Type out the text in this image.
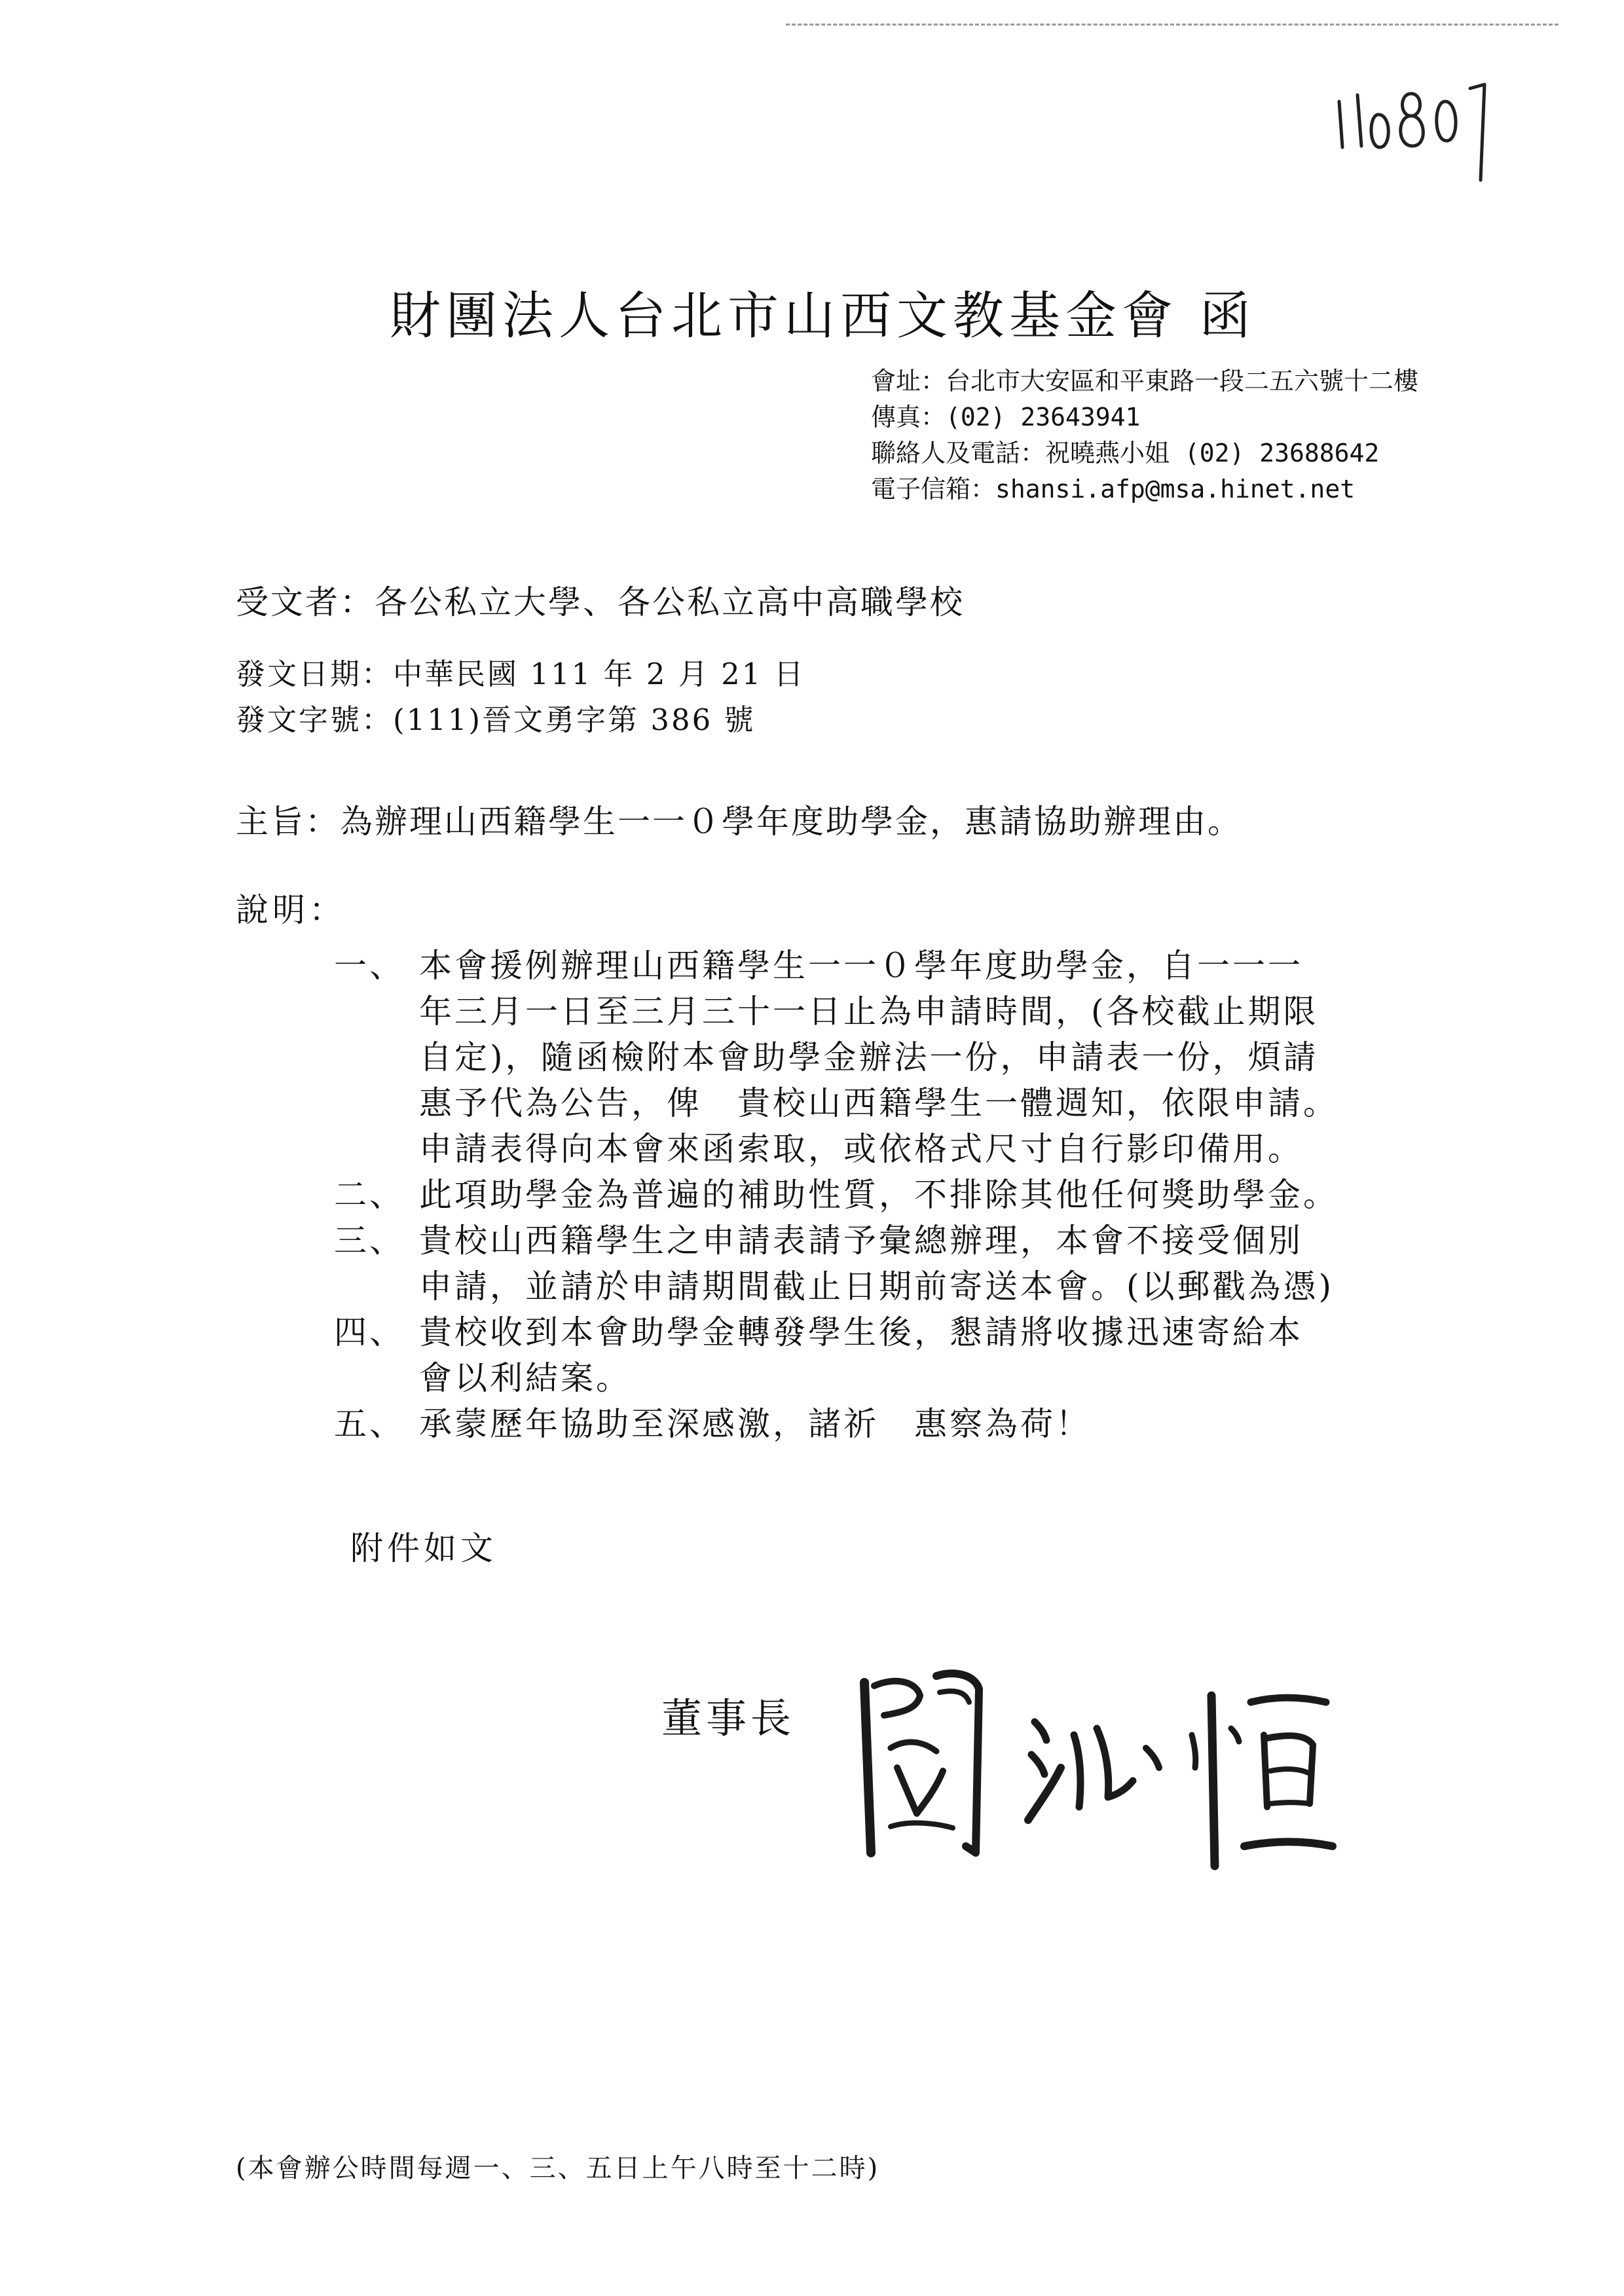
財團法人台北市山西文教基金會 函
會址：台北市大安區和平東路一段二五六號十二樓
傳真：(02) 23643941
聯絡人及電話：祝曉燕小姐 (02) 23688642
電子信箱：shansi.afp@msa.hinet.net
受文者：各公私立大學、各公私立高中高職學校
發文日期：中華民國 111 年 2 月 21 日
發文字號：(111)晉文勇字第 386 號
主旨：為辦理山西籍學生一一０學年度助學金，惠請協助辦理由。
說明：
一、 本會援例辦理山西籍學生一一０學年度助學金，自一一一
年三月一日至三月三十一日止為申請時間，(各校截止期限
自定)，隨函檢附本會助學金辦法一份，申請表一份，煩請
惠予代為公告，俾　貴校山西籍學生一體週知，依限申請。
申請表得向本會來函索取，或依格式尺寸自行影印備用。
二、 此項助學金為普遍的補助性質，不排除其他任何獎助學金。
三、 貴校山西籍學生之申請表請予彙總辦理，本會不接受個別
申請，並請於申請期間截止日期前寄送本會。(以郵戳為憑)
四、 貴校收到本會助學金轉發學生後，懇請將收據迅速寄給本
會以利結案。
五、 承蒙歷年協助至深感激，諸祈　惠察為荷！
附件如文
董事長
(本會辦公時間每週一、三、五日上午八時至十二時)
